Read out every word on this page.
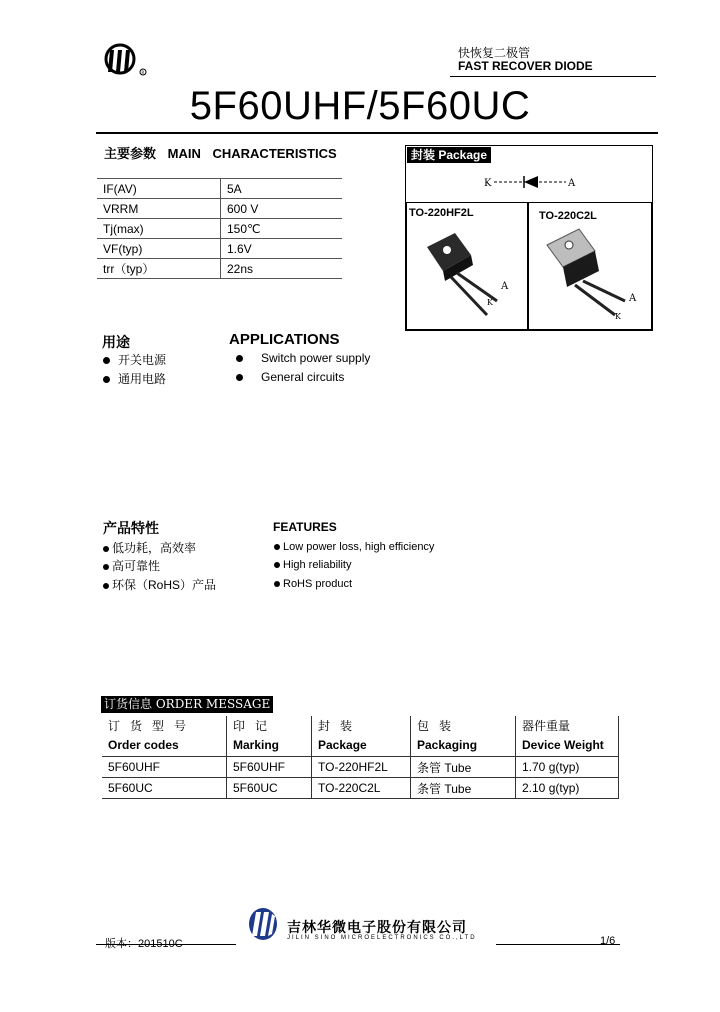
R
快恢复二极管
FAST RECOVER DIODE
5F60UHF/5F60UC
主要参数 MAIN CHARACTERISTICS
IF(AV)	5A
VRRM	600 V
Tj(max)	150℃
VF(typ)	1.6V
trr（typ）	22ns
封装 Package
K	A
TO-220HF2L
A
K
TO-220C2L
A
K
用途	APPLICATIONS
开关电源
通用电路
Switch power supply
General circuits
产品特性	FEATURES
低功耗，高效率
高可靠性
环保（RoHS）产品
Low power loss, high efficiency
High reliability
RoHS product
订货信息 ORDER MESSAGE
订货型号	印记	封装	包装	器件重量
Order codes	Marking	Package	Packaging	Device Weight
5F60UHF	5F60UHF	TO-220HF2L	条管 Tube	1.70 g(typ)
5F60UC	5F60UC	TO-220C2L	条管 Tube	2.10 g(typ)
吉林华微电子股份有限公司
JILIN SINO MICROELECTRONICS CO.,LTD
版本：201510C	1/6
